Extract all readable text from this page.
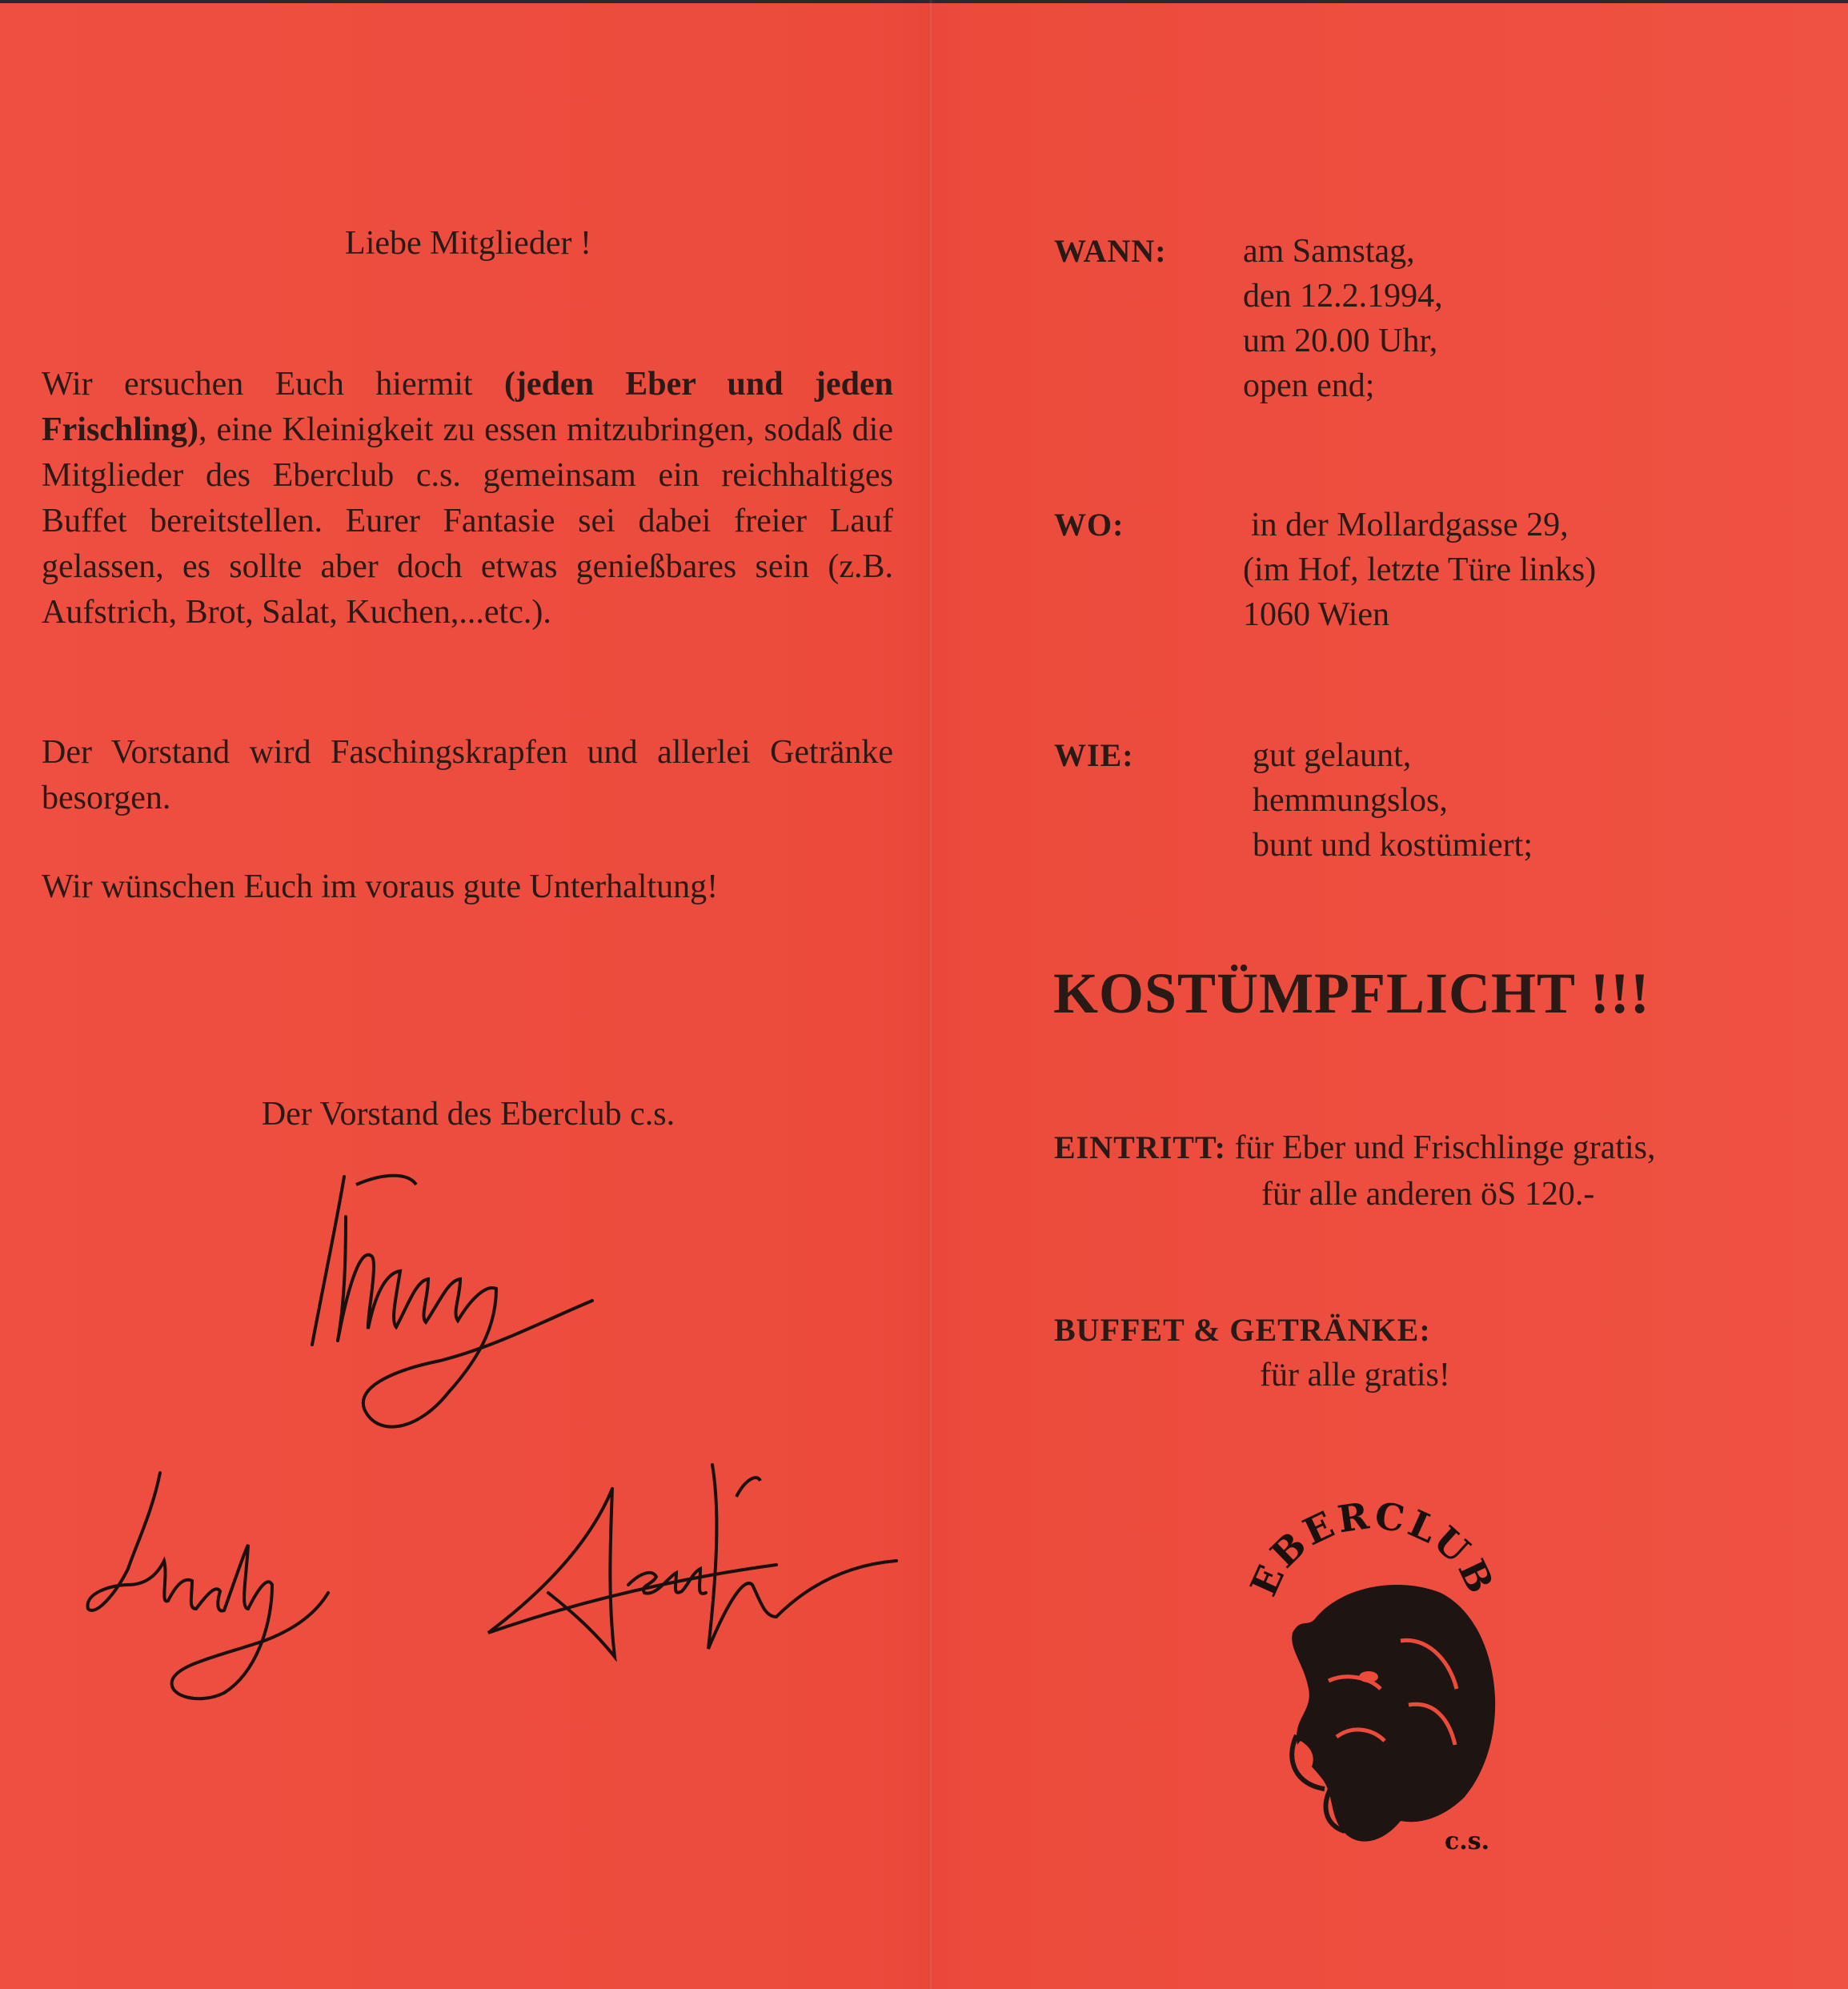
Liebe Mitglieder !
Wir ersuchen Euch hiermit (jeden Eber und jeden Frischling), eine Kleinigkeit zu essen mitzubringen, sodaß die Mitglieder des Eberclub c.s. gemeinsam ein reichhaltiges Buffet bereitstellen. Eurer Fantasie sei dabei freier Lauf gelassen, es sollte aber doch etwas genießbares sein (z.B. Aufstrich, Brot, Salat, Kuchen,...etc.).
Der Vorstand wird Faschingskrapfen und allerlei Getränke besorgen.
Wir wünschen Euch im voraus gute Unterhaltung!
Der Vorstand des Eberclub c.s.
WANN: am Samstag,
den 12.2.1994,
um 20.00 Uhr,
open end;
WO:	in der Mollardgasse 29,
(im Hof, letzte Türe links)
1060 Wien
WIE:	gut gelaunt,
hemmungslos,
bunt und kostümiert;
KOSTÜMPFLICHT !!!
EINTRITT: für Eber und Frischlinge gratis,
für alle anderen öS 120.-
BUFFET & GETRÄNKE:
für alle gratis!
EBERCLUB
c.s.
